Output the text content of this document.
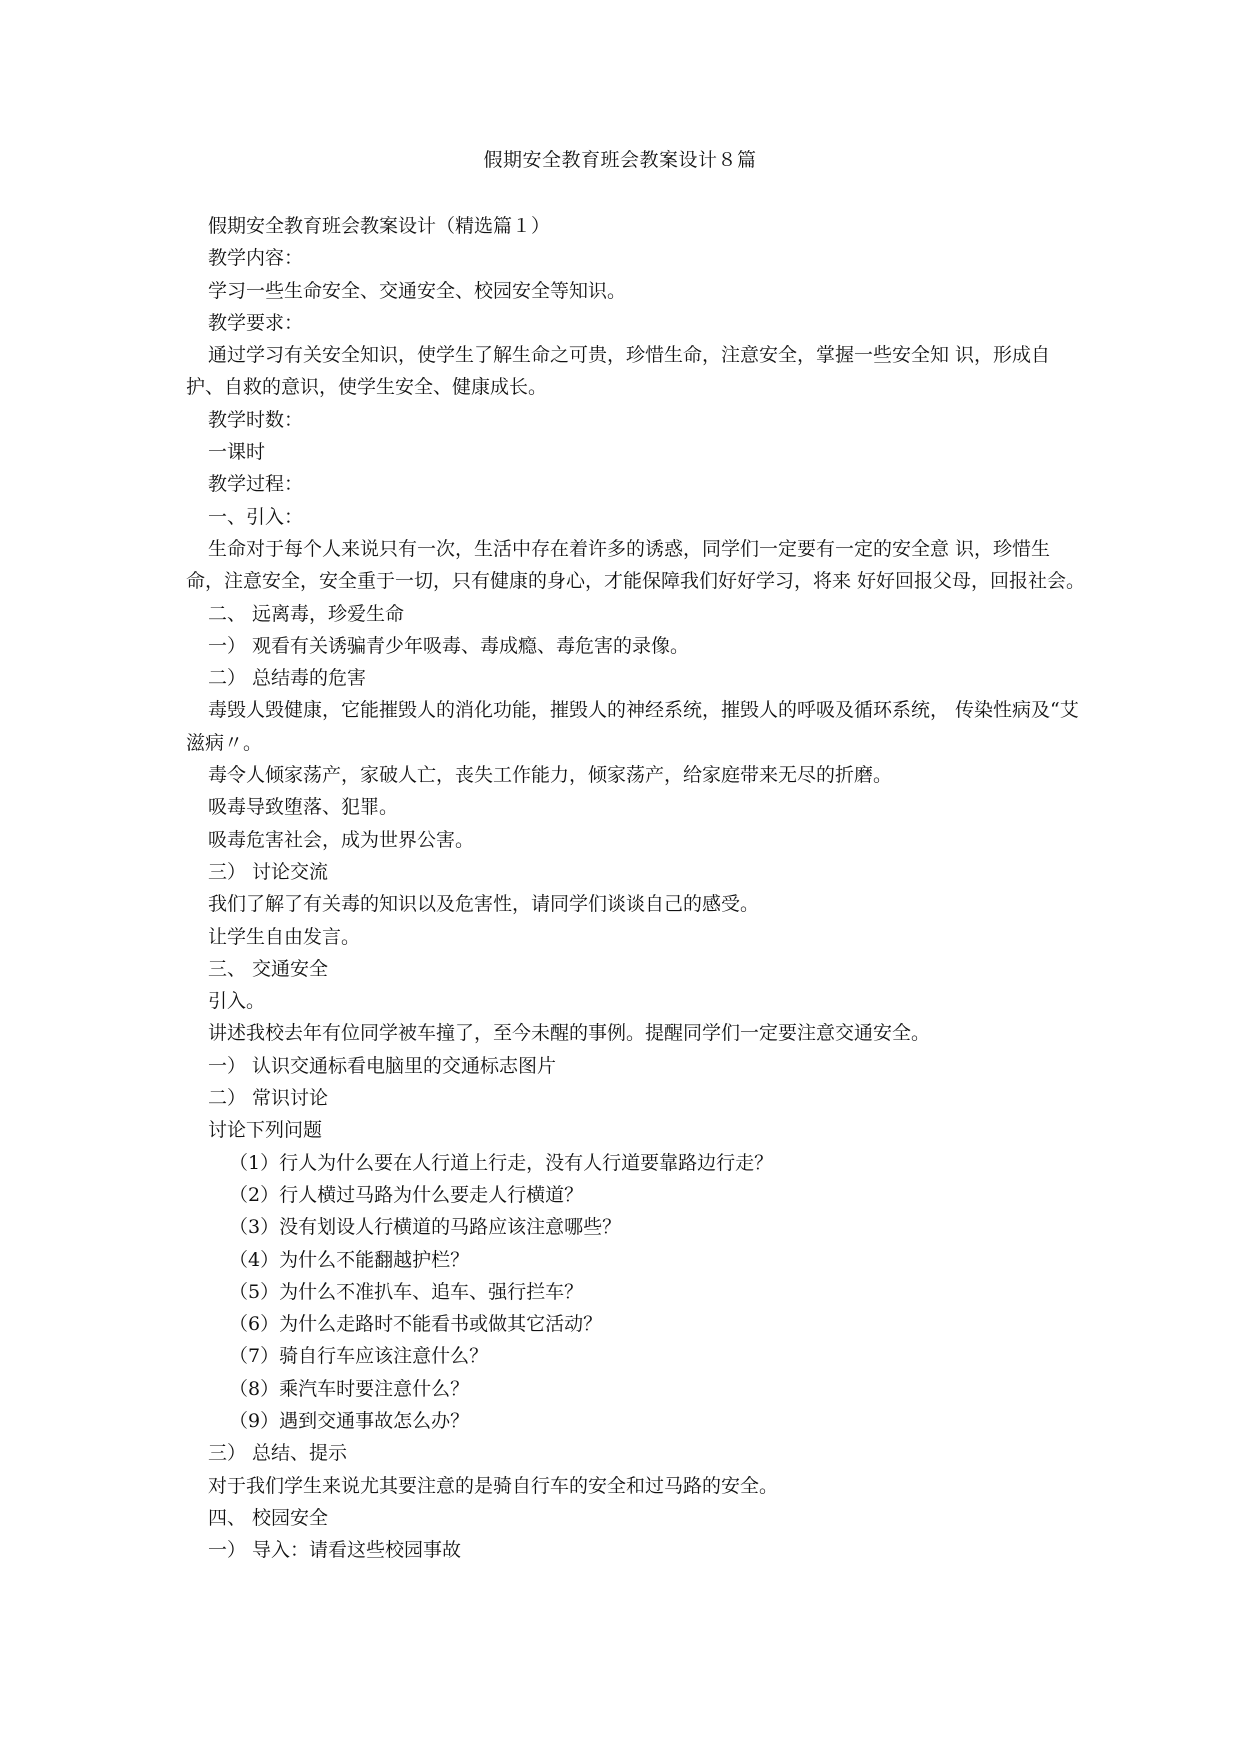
假期安全教育班会教案设计８篇

假期安全教育班会教案设计（精选篇１）

教学内容：

学习一些生命安全、交通安全、校园安全等知识。

教学要求：

通过学习有关安全知识，使学生了解生命之可贵，珍惜生命，注意安全，掌握一些安全知 识，形成自护、自救的意识，使学生安全、健康成长。

教学时数：

一课时

教学过程：

一、引入：

生命对于每个人来说只有一次，生活中存在着许多的诱惑，同学们一定要有一定的安全意 识，珍惜生命，注意安全，安全重于一切，只有健康的身心，才能保障我们好好学习，将来 好好回报父母，回报社会。

二、 远离毒，珍爱生命

一） 观看有关诱骗青少年吸毒、毒成瘾、毒危害的录像。

二） 总结毒的危害

毒毁人毁健康，它能摧毁人的消化功能，摧毁人的神经系统，摧毁人的呼吸及循环系统， 传染性病及“艾滋病〃。

毒令人倾家荡产，家破人亡，丧失工作能力，倾家荡产，给家庭带来无尽的折磨。

吸毒导致堕落、犯罪。

吸毒危害社会，成为世界公害。

三） 讨论交流

我们了解了有关毒的知识以及危害性，请同学们谈谈自己的感受。

让学生自由发言。

三、 交通安全

引入。

讲述我校去年有位同学被车撞了，至今未醒的事例。提醒同学们一定要注意交通安全。

一） 认识交通标看电脑里的交通标志图片

二） 常识讨论

讨论下列问题

（1）行人为什么要在人行道上行走，没有人行道要靠路边行走？

（2）行人横过马路为什么要走人行横道？

（3）没有划设人行横道的马路应该注意哪些？

（4）为什么不能翻越护栏？

（5）为什么不准扒车、追车、强行拦车？

（6）为什么走路时不能看书或做其它活动？

（7）骑自行车应该注意什么？

（8）乘汽车时要注意什么？

（9）遇到交通事故怎么办？

三） 总结、提示

对于我们学生来说尤其要注意的是骑自行车的安全和过马路的安全。

四、 校园安全

一） 导入：请看这些校园事故
